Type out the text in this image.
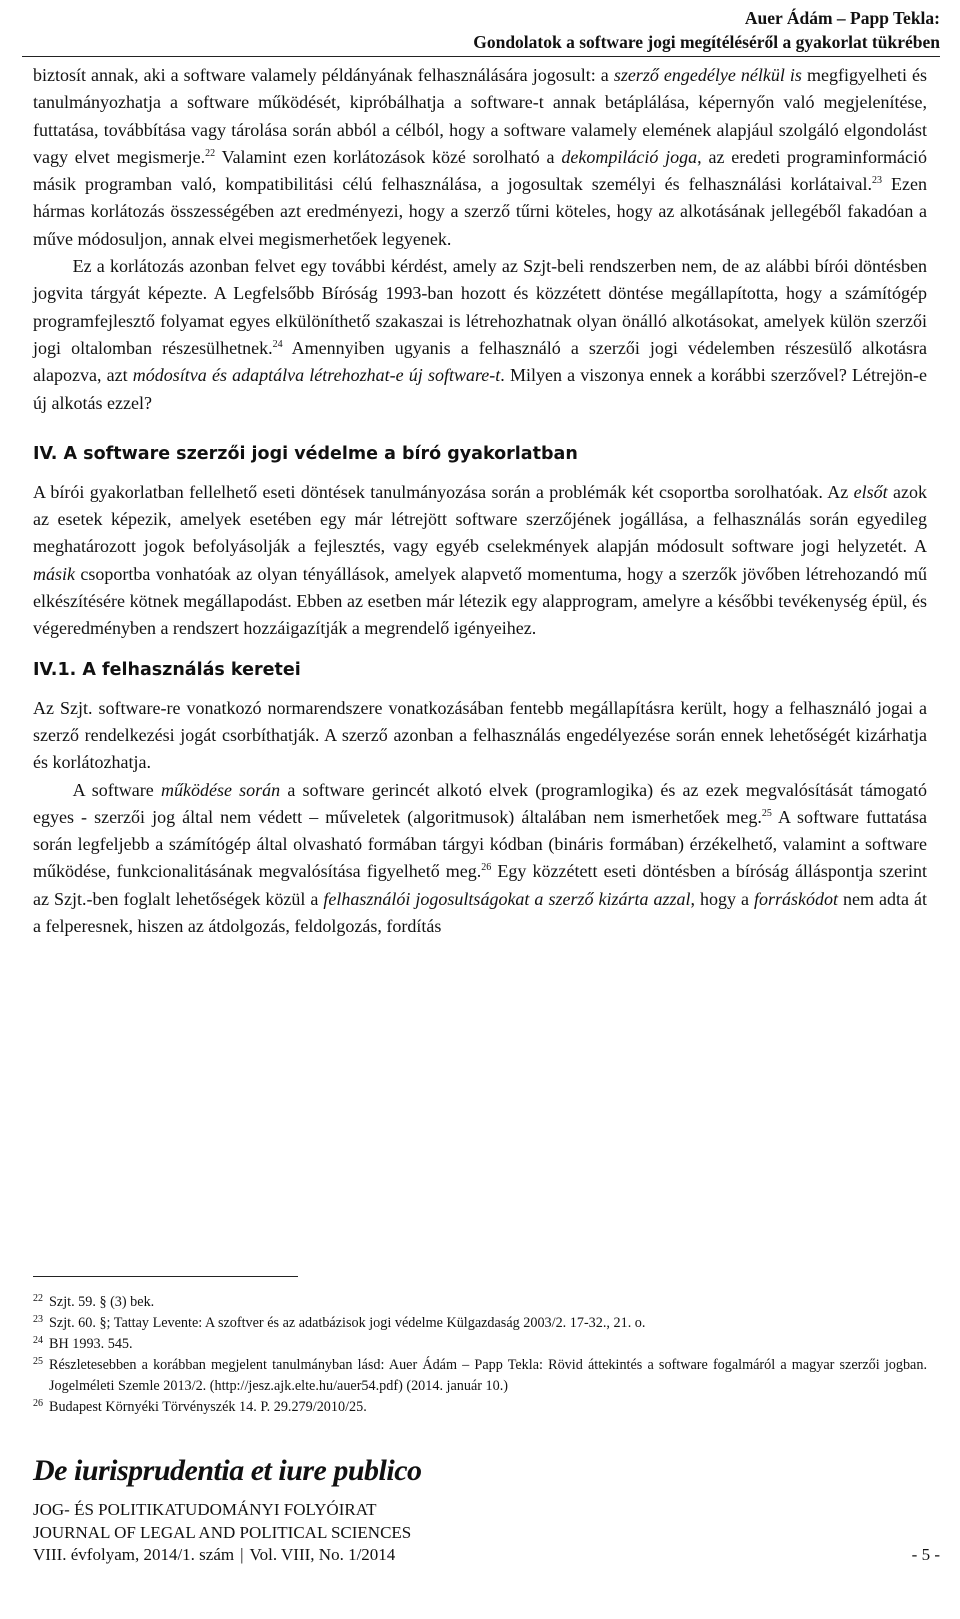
Auer Ádám – Papp Tekla:
Gondolatok a software jogi megítéléséről a gyakorlat tükrében

biztosít annak, aki a software valamely példányának felhasználására jogosult: a szerző engedélye nélkül is megfigyelheti és tanulmányozhatja a software működését, kipróbálhatja a software-t annak betáplálása, képernyőn való megjelenítése, futtatása, továbbítása vagy tárolása során abból a célból, hogy a software valamely elemének alapjául szolgáló elgondolást vagy elvet megismerje.$^{22}$ Valamint ezen korlátozások közé sorolható a dekompiláció joga, az eredeti programinformáció másik programban való, kompatibilitási célú felhasználása, a jogosultak személyi és felhasználási korlátaival.$^{23}$ Ezen hármas korlátozás összességében azt eredményezi, hogy a szerző tűrni köteles, hogy az alkotásának jellegéből fakadóan a műve módosuljon, annak elvei megismerhetőek legyenek.

Ez a korlátozás azonban felvet egy további kérdést, amely az Szjt-beli rendszerben nem, de az alábbi bírói döntésben jogvita tárgyát képezte. A Legfelsőbb Bíróság 1993-ban hozott és közzétett döntése megállapította, hogy a számítógép programfejlesztő folyamat egyes elkülöníthető szakaszai is létrehozhatnak olyan önálló alkotásokat, amelyek külön szerzői jogi oltalomban részesülhetnek.$^{24}$ Amennyiben ugyanis a felhasználó a szerzői jogi védelemben részesülő alkotásra alapozva, azt módosítva és adaptálva létrehozhat-e új software-t. Milyen a viszonya ennek a korábbi szerzővel? Létrejön-e új alkotás ezzel?

IV. A software szerzői jogi védelme a bíró gyakorlatban

A bírói gyakorlatban fellelhető eseti döntések tanulmányozása során a problémák két csoportba sorolhatóak. Az elsőt azok az esetek képezik, amelyek esetében egy már létrejött software szerzőjének jogállása, a felhasználás során egyedileg meghatározott jogok befolyásolják a fejlesztés, vagy egyéb cselekmények alapján módosult software jogi helyzetét. A másik csoportba vonhatóak az olyan tényállások, amelyek alapvető momentuma, hogy a szerzők jövőben létrehozandó mű elkészítésére kötnek megállapodást. Ebben az esetben már létezik egy alapprogram, amelyre a későbbi tevékenység épül, és végeredményben a rendszert hozzáigazítják a megrendelő igényeihez.

IV.1. A felhasználás keretei

Az Szjt. software-re vonatkozó normarendszere vonatkozásában fentebb megállapításra került, hogy a felhasználó jogai a szerző rendelkezési jogát csorbíthatják. A szerző azonban a felhasználás engedélyezése során ennek lehetőségét kizárhatja és korlátozhatja.

A software működése során a software gerincét alkotó elvek (programlogika) és az ezek megvalósítását támogató egyes - szerzői jog által nem védett – műveletek (algoritmusok) általában nem ismerhetőek meg.$^{25}$ A software futtatása során legfeljebb a számítógép által olvasható formában tárgyi kódban (bináris formában) érzékelhető, valamint a software működése, funkcionalitásának megvalósítása figyelhető meg.$^{26}$ Egy közzétett eseti döntésben a bíróság álláspontja szerint az Szjt.-ben foglalt lehetőségek közül a felhasználói jogosultságokat a szerző kizárta azzal, hogy a forráskódot nem adta át a felperesnek, hiszen az átdolgozás, feldolgozás, fordítás

22 Szjt. 59. § (3) bek.
23 Szjt. 60. §; Tattay Levente: A szoftver és az adatbázisok jogi védelme Külgazdaság 2003/2. 17-32., 21. o.
24 BH 1993. 545.
25 Részletesebben a korábban megjelent tanulmányban lásd: Auer Ádám – Papp Tekla: Rövid áttekintés a software fogalmáról a magyar szerzői jogban. Jogelméleti Szemle 2013/2. (http://jesz.ajk.elte.hu/auer54.pdf) (2014. január 10.)
26 Budapest Környéki Törvényszék 14. P. 29.279/2010/25.
De iurisprudentia et iure publico
JOG- ÉS POLITIKATUDOMÁNYI FOLYÓIRAT
JOURNAL OF LEGAL AND POLITICAL SCIENCES
VIII. évfolyam, 2014/1. szám | Vol. VIII, No. 1/2014	- 5 -
